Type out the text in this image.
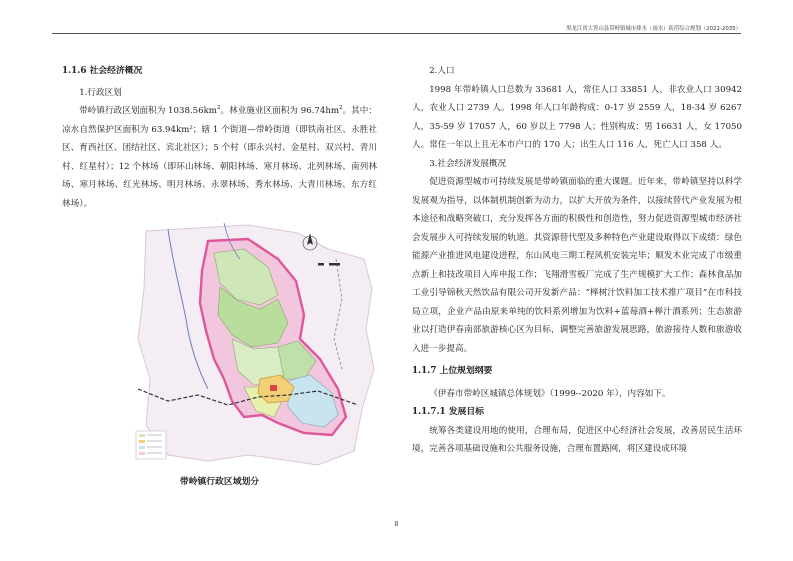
黑龙江省大箐山县带岭镇城市排水（雨水）防涝综合规划（2022-2035）
1.1.6 社会经济概况

1.行政区划

带岭镇行政区划面积为 $1038.56km^2$。林业施业区面积为 $96.74hm^2$。其中：凉水自然保护区面积为 63.94km²；辖 1 个街道—带岭街道（即铁南社区、永胜社区、育西社区、团结社区、宾北社区）；5 个村（即永兴村、金星村、双兴村、青川村、红星村）；12 个林场（即环山林场、朝阳林场、寒月林场、北列林场、南列林场、寒月林场、红光林场、明月林场、永翠林场、秀水林场、大青川林场、东方红林场）。

带岭镇行政区域划分

2.人口

1998 年带岭镇人口总数为 33681 人，常住人口 33851 人，非农业人口 30942 人，农业人口 2739 人。1998 年人口年龄构成：0-17 岁 2559 人，18-34 岁 6267 人，35-59 岁 17057 人，60 岁以上 7798 人；性别构成：男 16631 人，女 17050 人。常住一年以上且无本市户口的 170 人；出生人口 116 人，死亡人口 358 人。

3.社会经济发展概况

促进资源型城市可持续发展是带岭镇面临的重大课题。近年来，带岭镇坚持以科学发展观为指导，以体制机制创新为动力，以扩大开放为条件，以接续替代产业发展为根本途径和战略突破口，充分发挥各方面的积极性和创造性，努力促进资源型城市经济社会发展步入可持续发展的轨道。其资源替代型及多种特色产业建设取得以下成绩：绿色能源产业推进风电建设进程，东山风电三期工程风机安装完毕；顺发木业完成了市级重点新上和技改项目入库申报工作；飞翔滑雪板厂完成了生产规模扩大工作；森林食品加工业引导锦秋天然饮品有限公司开发新产品：“榉树汁饮料加工技术推广项目”在市科技局立项，企业产品由原来单纯的饮料系列增加为饮料+蓝莓酒+榉汁酒系列；生态旅游业以打造伊春南部旅游核心区为目标，调整完善旅游发展思路，旅游接待人数和旅游收入进一步提高。

1.1.7 上位规划纲要

《伊春市带岭区城镇总体规划》（1999--2020 年），内容如下。

1.1.7.1 发展目标

统筹各类建设用地的使用，合理布局，促进区中心经济社会发展，改善居民生活环境，完善各项基础设施和公共服务设施，合理布置路网，将区建设成环境

8
